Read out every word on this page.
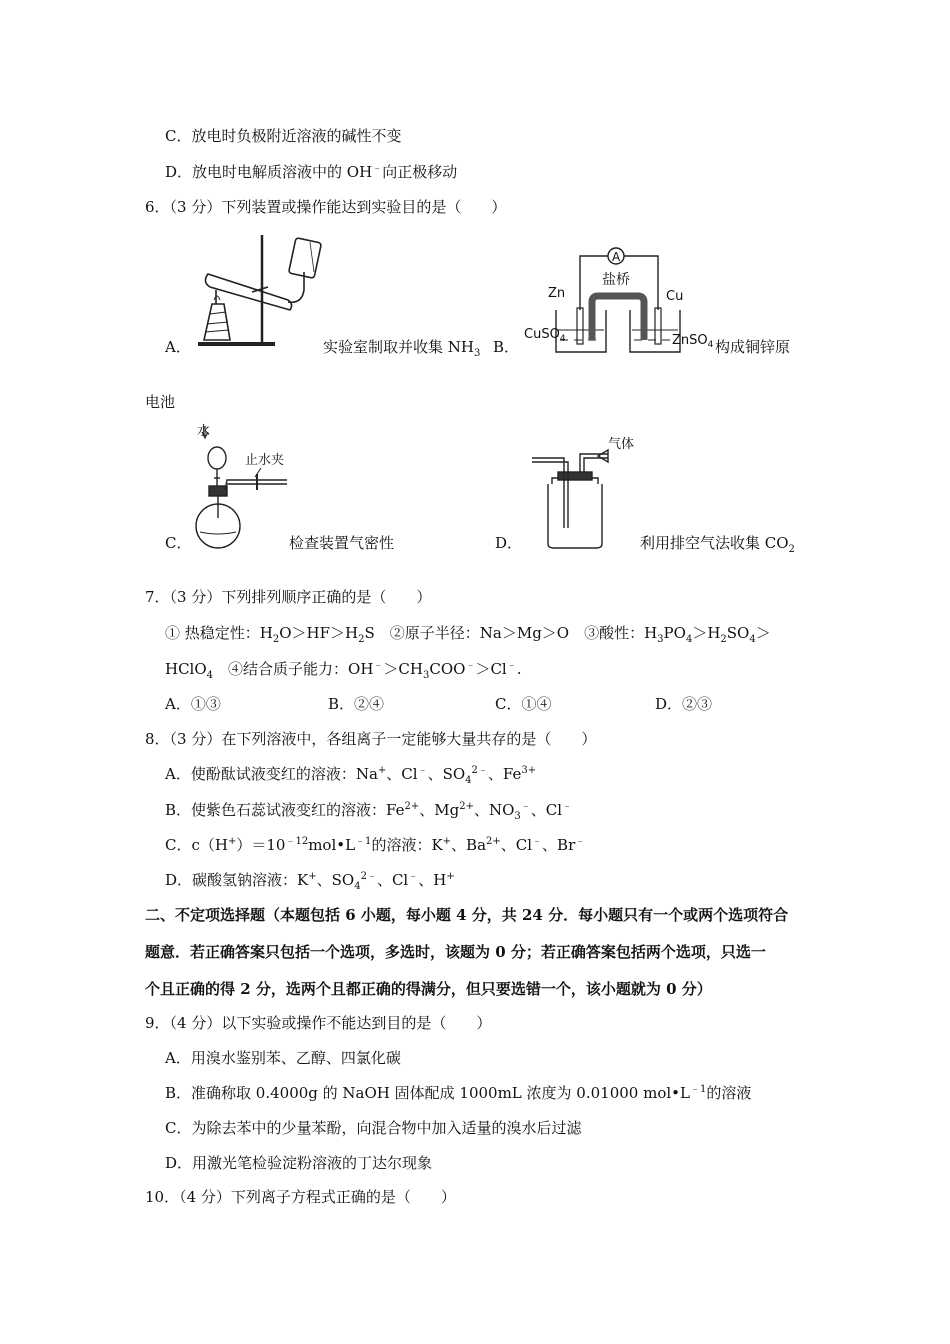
C．放电时负极附近溶液的碱性不变
D．放电时电解质溶液中的 OH﹣向正极移动
6．（3 分）下列装置或操作能达到实验目的是（　　）
A．	实验室制取并收集 $NH_3$ B．
A
盐桥
Zn	Cu
CuSO$_4$	ZnSO$_4$ 构成铜锌原
电池
C．
水
止水夹
检查装置气密性	D．
气体
利用排空气法收集 $CO_2$
7．（3 分）下列排列顺序正确的是（　　）
① 热稳定性：$H_2O>HF>H_2S$　②原子半径：Na＞Mg＞O　③酸性：$H_3PO_4>H_2SO_4>$
HClO$_4$　④结合质子能力：$OH^﹣>CH_3COO^﹣>Cl^﹣$.
A．①③	B．②④	C．①④	D．②③
8．（3 分）在下列溶液中，各组离子一定能够大量共存的是（　　）
A．使酚酞试液变红的溶液：Na+、Cl﹣、$SO_4^{2﹣}$、$Fe^{3+}$
B．使紫色石蕊试液变红的溶液：$Fe^{2+}$、$Mg^{2+}$、$NO_3^﹣$、Cl﹣
C．$c(H^+)=10^{﹣12}mol•L^{﹣1}$的溶液：K+、$Ba^{2+}$、Cl﹣、Br﹣
D．碳酸氢钠溶液：K+、$SO_4^{2﹣}$、Cl﹣、H+
二、不定项选择题（本题包括 6 小题，每小题 4 分，共 24 分．每小题只有一个或两个选项符合
题意．若正确答案只包括一个选项，多选时，该题为 0 分；若正确答案包括两个选项，只选一
个且正确的得 2 分，选两个且都正确的得满分，但只要选错一个，该小题就为 0 分）
9．（4 分）以下实验或操作不能达到目的是（　　）
A．用溴水鉴别苯、乙醇、四氯化碳
B．准确称取 0.4000g 的 NaOH 固体配成 1000mL 浓度为 0.01000 $mol•L^{﹣1}$的溶液
C．为除去苯中的少量苯酚，向混合物中加入适量的溴水后过滤
D．用激光笔检验淀粉溶液的丁达尔现象
10．（4 分）下列离子方程式正确的是（　　）
